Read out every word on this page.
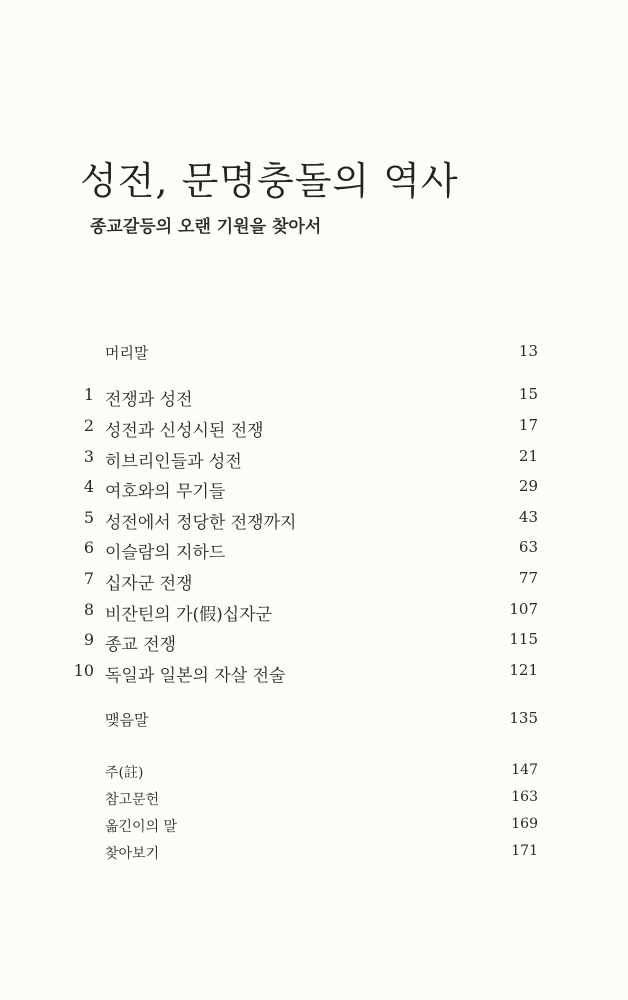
성전, 문명충돌의 역사
종교갈등의 오랜 기원을 찾아서
머리말	13
1 전쟁과 성전	15
2 성전과 신성시된 전쟁	17
3 히브리인들과 성전	21
4 여호와의 무기들	29
5 성전에서 정당한 전쟁까지	43
6 이슬람의 지하드	63
7 십자군 전쟁	77
8 비잔틴의 가(假)십자군	107
9 종교 전쟁	115
10 독일과 일본의 자살 전술	121
맺음말	135
주(註)	147
참고문헌	163
옮긴이의 말	169
찾아보기	171
